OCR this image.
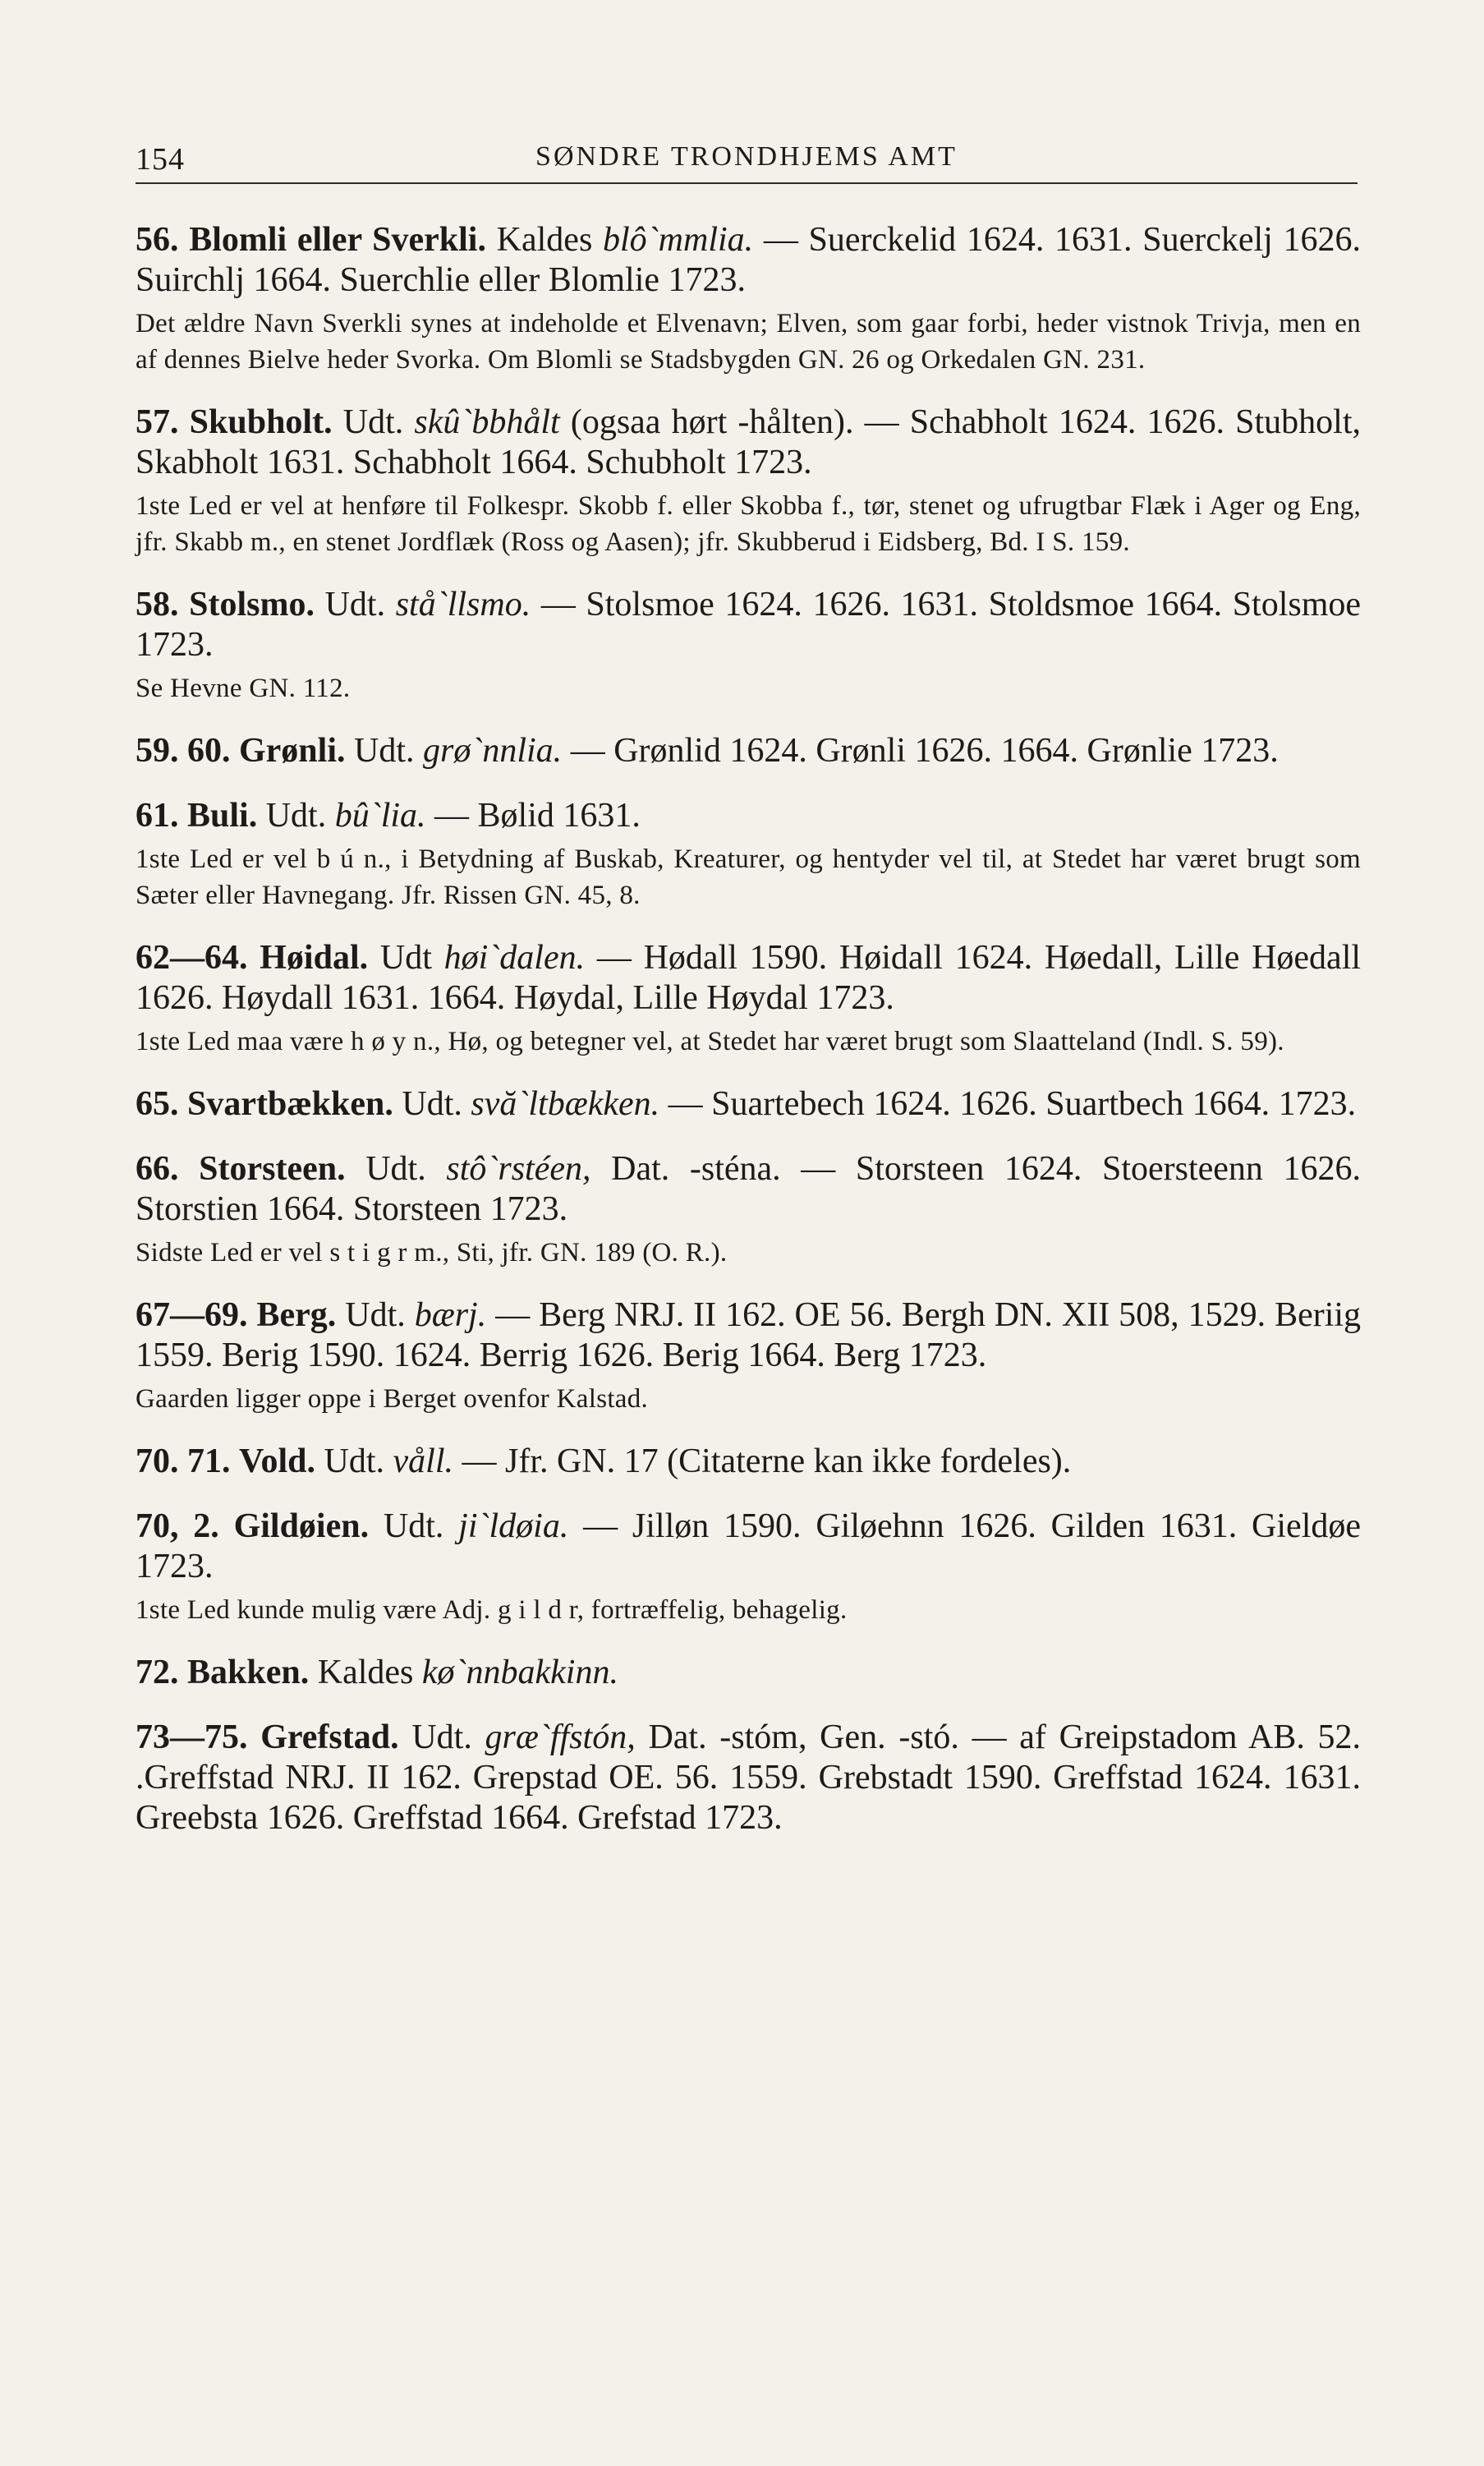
154	SØNDRE TRONDHJEMS AMT

56. Blomli eller Sverkli. Kaldes blô`mmlia. — Suerckelid 1624. 1631. Suerckelj 1626. Suirchlj 1664. Suerchlie eller Blomlie 1723.

Det ældre Navn Sverkli synes at indeholde et Elvenavn; Elven, som gaar forbi, heder vistnok Trivja, men en af dennes Bielve heder Svorka. Om Blomli se Stadsbygden GN. 26 og Orkedalen GN. 231.

57. Skubholt. Udt. skû`bbhålt (ogsaa hørt -hålten). — Schabholt 1624. 1626. Stubholt, Skabholt 1631. Schabholt 1664. Schubholt 1723.

1ste Led er vel at henføre til Folkespr. Skobb f. eller Skobba f., tør, stenet og ufrugtbar Flæk i Ager og Eng, jfr. Skabb m., en stenet Jordflæk (Ross og Aasen); jfr. Skubberud i Eidsberg, Bd. I S. 159.

58. Stolsmo. Udt. stå`llsmo. — Stolsmoe 1624. 1626. 1631. Stoldsmoe 1664. Stolsmoe 1723.

Se Hevne GN. 112.

59. 60. Grønli. Udt. grø`nnlia. — Grønlid 1624. Grønli 1626. 1664. Grønlie 1723.

61. Buli. Udt. bû`lia. — Bølid 1631.

1ste Led er vel b ú n., i Betydning af Buskab, Kreaturer, og hentyder vel til, at Stedet har været brugt som Sæter eller Havnegang. Jfr. Rissen GN. 45, 8.

62—64. Høidal. Udt høi`dalen. — Hødall 1590. Høidall 1624. Høedall, Lille Høedall 1626. Høydall 1631. 1664. Høydal, Lille Høydal 1723.

1ste Led maa være h ø y n., Hø, og betegner vel, at Stedet har været brugt som Slaatteland (Indl. S. 59).

65. Svartbækken. Udt. svă`ltbækken. — Suartebech 1624. 1626. Suartbech 1664. 1723.

66. Storsteen. Udt. stô`rstéen, Dat. -sténa. — Storsteen 1624. Stoersteenn 1626. Storstien 1664. Storsteen 1723.

Sidste Led er vel s t i g r m., Sti, jfr. GN. 189 (O. R.).

67—69. Berg. Udt. bærj. — Berg NRJ. II 162. OE 56. Bergh DN. XII 508, 1529. Beriig 1559. Berig 1590. 1624. Berrig 1626. Berig 1664. Berg 1723.

Gaarden ligger oppe i Berget ovenfor Kalstad.

70. 71. Vold. Udt. våll. — Jfr. GN. 17 (Citaterne kan ikke fordeles).

70, 2. Gildøien. Udt. ji`ldøia. — Jilløn 1590. Giløehnn 1626. Gilden 1631. Gieldøe 1723.

1ste Led kunde mulig være Adj. g i l d r, fortræffelig, behagelig.

72. Bakken. Kaldes kø`nnbakkinn.

73—75. Grefstad. Udt. græ`ffstón, Dat. -stóm, Gen. -stó. — af Greipstadom AB. 52. .Greffstad NRJ. II 162. Grepstad OE. 56. 1559. Grebstadt 1590. Greffstad 1624. 1631. Greebsta 1626. Greffstad 1664. Grefstad 1723.
